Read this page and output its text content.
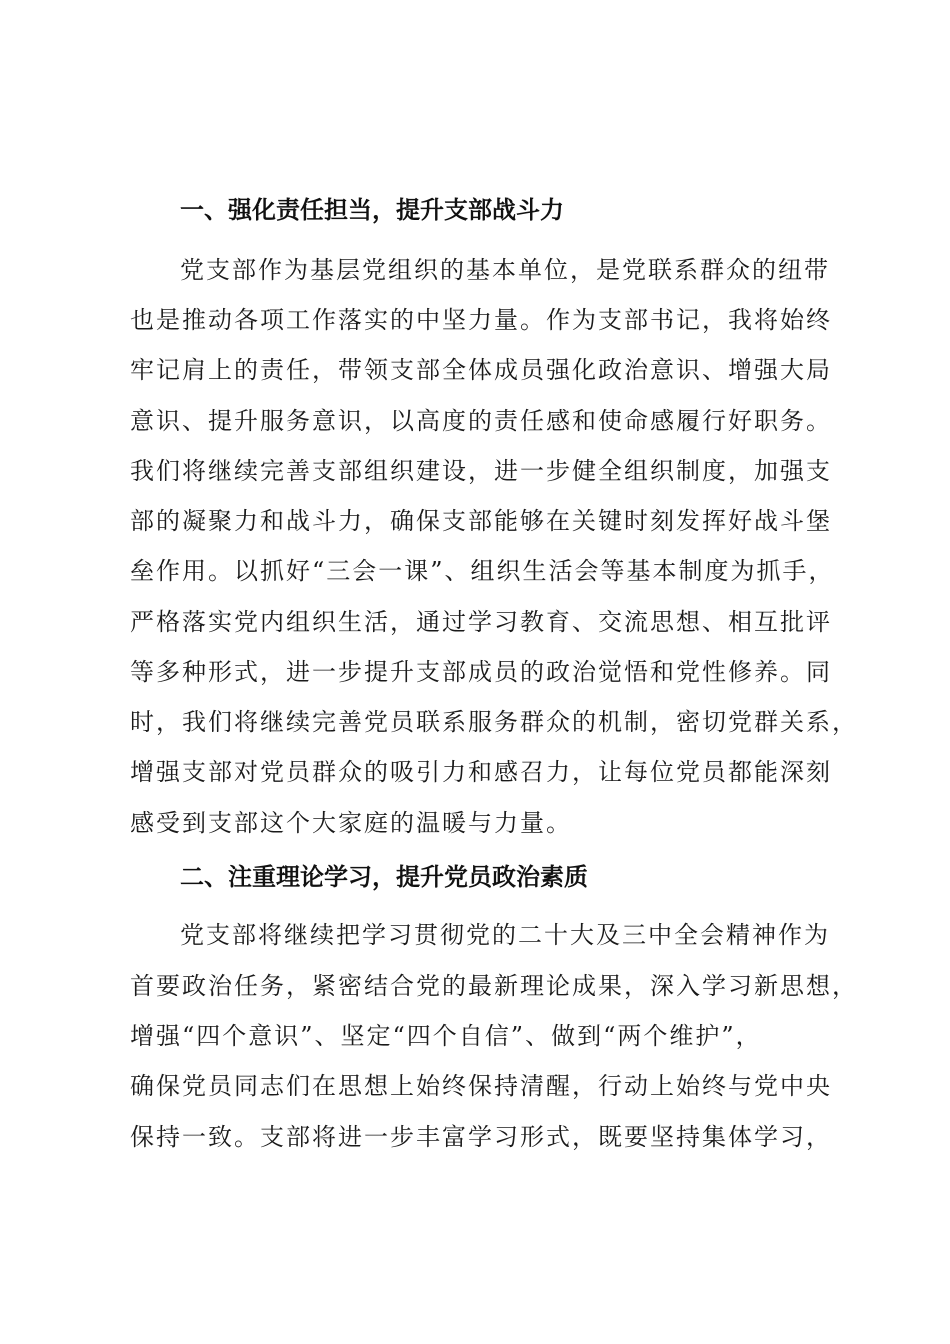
一、强化责任担当，提升支部战斗力
党支部作为基层党组织的基本单位，是党联系群众的纽带
也是推动各项工作落实的中坚力量。作为支部书记，我将始终
牢记肩上的责任，带领支部全体成员强化政治意识、增强大局
意识、提升服务意识，以高度的责任感和使命感履行好职务。
我们将继续完善支部组织建设，进一步健全组织制度，加强支
部的凝聚力和战斗力，确保支部能够在关键时刻发挥好战斗堡
垒作用。以抓好“三会一课”、组织生活会等基本制度为抓手，
严格落实党内组织生活，通过学习教育、交流思想、相互批评
等多种形式，进一步提升支部成员的政治觉悟和党性修养。同
时，我们将继续完善党员联系服务群众的机制，密切党群关系，
增强支部对党员群众的吸引力和感召力，让每位党员都能深刻
感受到支部这个大家庭的温暖与力量。
二、注重理论学习，提升党员政治素质
党支部将继续把学习贯彻党的二十大及三中全会精神作为
首要政治任务，紧密结合党的最新理论成果，深入学习新思想，
增强“四个意识”、坚定“四个自信”、做到“两个维护”，
确保党员同志们在思想上始终保持清醒，行动上始终与党中央
保持一致。支部将进一步丰富学习形式，既要坚持集体学习，
